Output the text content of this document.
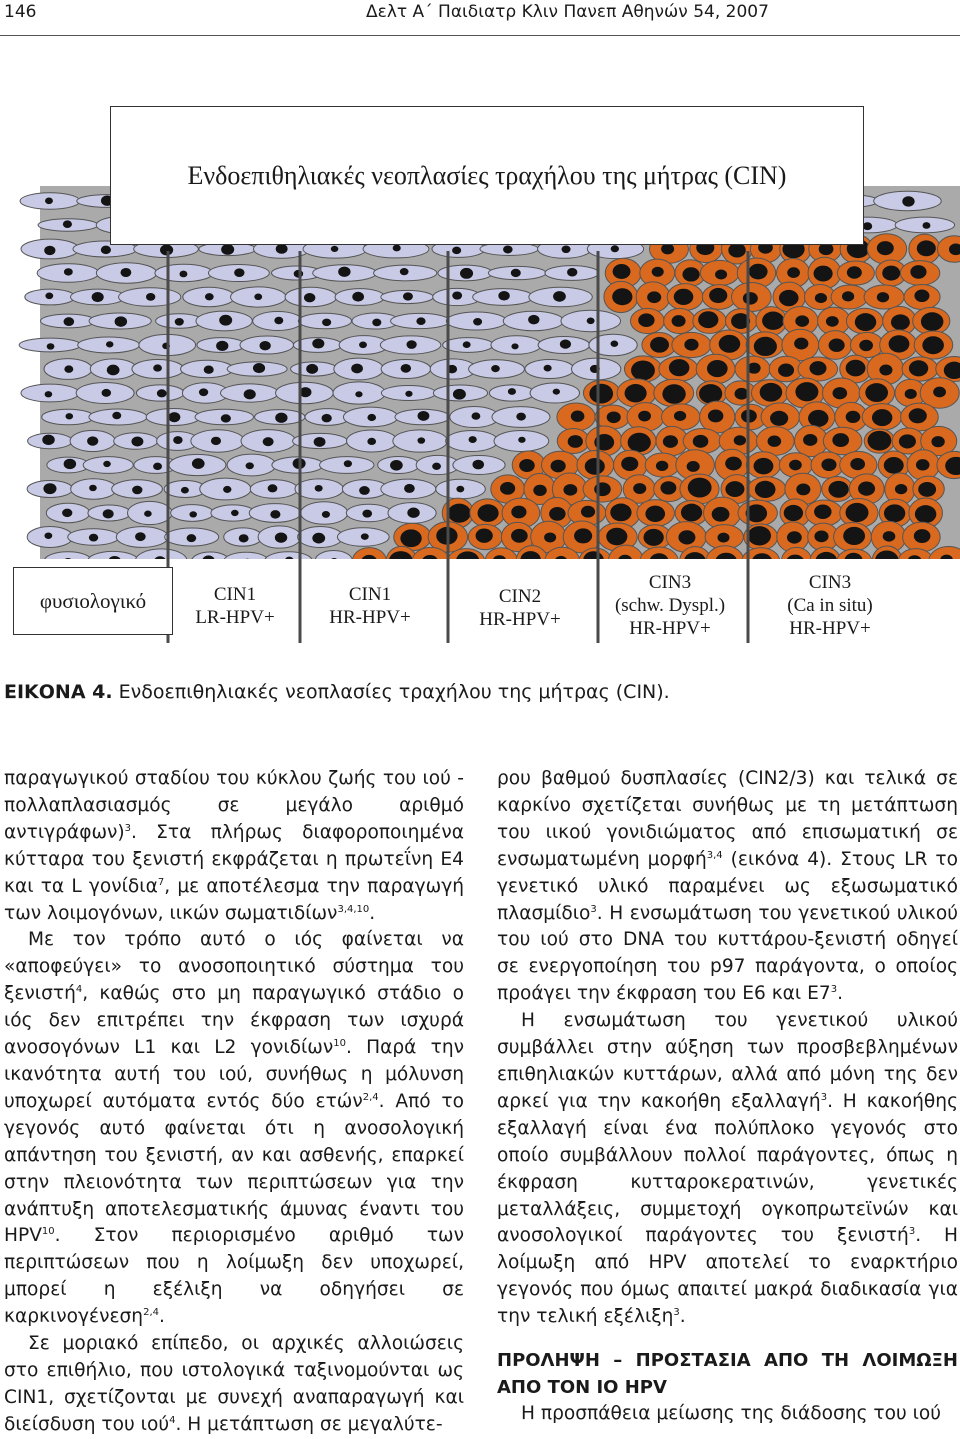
146	Δελτ Α΄ Παιδιατρ Κλιν Πανεπ Αθηνών 54, 2007
Ενδοεπιθηλιακές νεοπλασίες τραχήλου της μήτρας (CIN)
φυσιολογικό	CIN1
LR-HPV+
CIN1
HR-HPV+
CIN2
HR-HPV+
CIN3
(schw. Dyspl.)
HR-HPV+
CIN3
(Ca in situ)
HR-HPV+
ΕΙΚΟΝΑ 4. Ενδοεπιθηλιακές νεοπλασίες τραχήλου της μήτρας (CIN).

παραγωγικού σταδίου του κύκλου ζωής του ιού - πολλαπλασιασμός σε μεγάλο αριθμό αντιγράφων)$^3$. Στα πλήρως διαφοροποιημένα κύτταρα του ξενιστή εκφράζεται η πρωτεΐνη E4 και τα L γονίδια$^7$, με αποτέλεσμα την παραγωγή των λοιμογόνων, ιικών σωματιδίων$^{3,4,10}$.

Με τον τρόπο αυτό ο ιός φαίνεται να «αποφεύγει» το ανοσοποιητικό σύστημα του ξενιστή$^4$, καθώς στο μη παραγωγικό στάδιο ο ιός δεν επιτρέπει την έκφραση των ισχυρά ανοσογόνων L1 και L2 γονιδίων$^{10}$. Παρά την ικανότητα αυτή του ιού, συνήθως η μόλυνση υποχωρεί αυτόματα εντός δύο ετών$^{2,4}$. Από το γεγονός αυτό φαίνεται ότι η ανοσολογική απάντηση του ξενιστή, αν και ασθενής, επαρκεί στην πλειονότητα των περιπτώσεων για την ανάπτυξη αποτελεσματικής άμυνας έναντι του HPV$^{10}$. Στον περιορισμένο αριθμό των περιπτώσεων που η λοίμωξη δεν υποχωρεί, μπορεί η εξέλιξη να οδηγήσει σε καρκινογένεση$^{2,4}$.

Σε μοριακό επίπεδο, οι αρχικές αλλοιώσεις στο επιθήλιο, που ιστολογικά ταξινομούνται ως CIN1, σχετίζονται με συνεχή αναπαραγωγή και διείσδυση του ιού$^4$. Η μετάπτωση σε μεγαλύτε-

ρου βαθμού δυσπλασίες (CIN2/3) και τελικά σε καρκίνο σχετίζεται συνήθως με τη μετάπτωση του ιικού γονιδιώματος από επισωματική σε ενσωματωμένη μορφή$^{3,4}$ (εικόνα 4). Στους LR το γενετικό υλικό παραμένει ως εξωσωματικό πλασμίδιο$^3$. Η ενσωμάτωση του γενετικού υλικού του ιού στο DNA του κυττάρου-ξενιστή οδηγεί σε ενεργοποίηση του p97 παράγοντα, ο οποίος προάγει την έκφραση του E6 και $E7^3$.

Η ενσωμάτωση του γενετικού υλικού συμβάλλει στην αύξηση των προσβεβλημένων επιθηλιακών κυττάρων, αλλά από μόνη της δεν αρκεί για την κακοήθη εξαλλαγή$^3$. Η κακοήθης εξαλλαγή είναι ένα πολύπλοκο γεγονός στο οποίο συμβάλλουν πολλοί παράγοντες, όπως η έκφραση κυτταροκερατινών, γενετικές μεταλλάξεις, συμμετοχή ογκοπρωτεϊνών και ανοσολογικοί παράγοντες του ξενιστή$^3$. Η λοίμωξη από HPV αποτελεί το εναρκτήριο γεγονός που όμως απαιτεί μακρά διαδικασία για την τελική εξέλιξη$^3$.

ΠΡΟΛΗΨΗ – ΠΡΟΣΤΑΣΙΑ ΑΠΟ ΤΗ ΛΟΙΜΩΞΗ ΑΠΟ ΤΟΝ ΙΟ HPV

Η προσπάθεια μείωσης της διάδοσης του ιού
